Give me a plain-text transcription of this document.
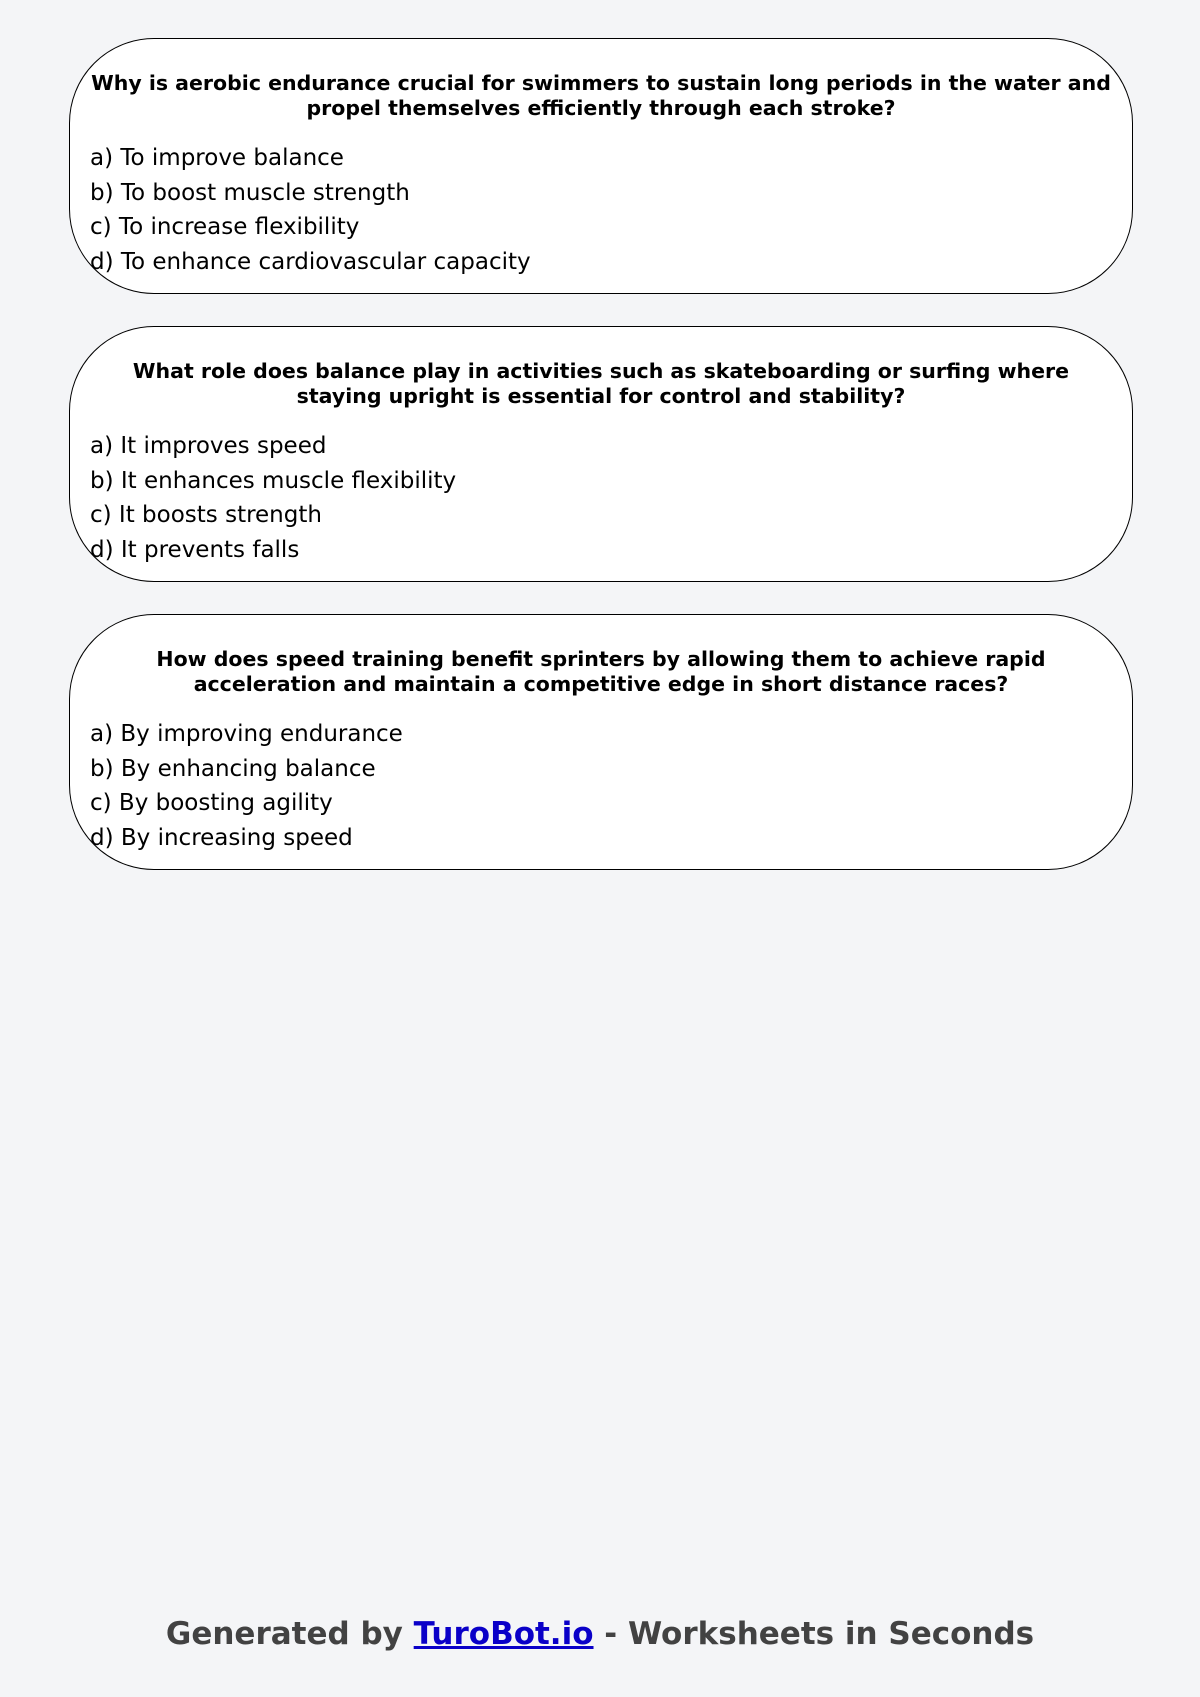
Why is aerobic endurance crucial for swimmers to sustain long periods in the water and propel themselves efficiently through each stroke?

a) To improve balance
b) To boost muscle strength
c) To increase flexibility
d) To enhance cardiovascular capacity

What role does balance play in activities such as skateboarding or surfing where staying upright is essential for control and stability?

a) It improves speed
b) It enhances muscle flexibility
c) It boosts strength
d) It prevents falls

How does speed training benefit sprinters by allowing them to achieve rapid acceleration and maintain a competitive edge in short distance races?

a) By improving endurance
b) By enhancing balance
c) By boosting agility
d) By increasing speed
Generated by TuroBot.io - Worksheets in Seconds
